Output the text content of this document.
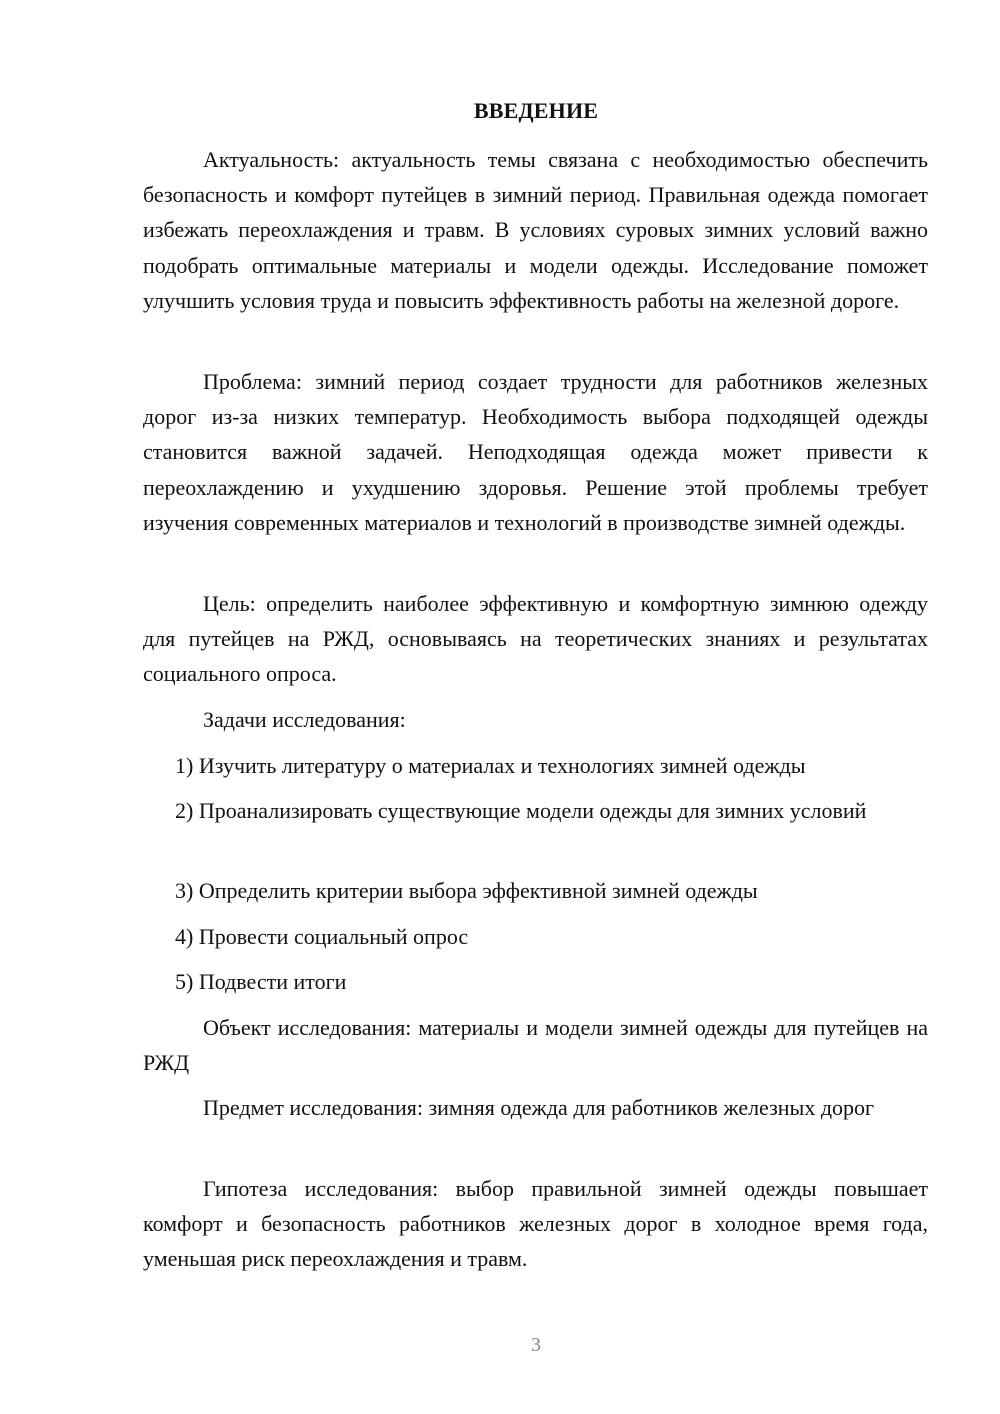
ВВЕДЕНИЕ

Актуальность: актуальность темы связана с необходимостью обеспечить безопасность и комфорт путейцев в зимний период. Правильная одежда помогает избежать переохлаждения и травм. В условиях суровых зимних условий важно подобрать оптимальные материалы и модели одежды. Исследование поможет улучшить условия труда и повысить эффективность работы на железной дороге.

Проблема: зимний период создает трудности для работников железных дорог из-за низких температур. Необходимость выбора подходящей одежды становится важной задачей. Неподходящая одежда может привести к переохлаждению и ухудшению здоровья. Решение этой проблемы требует изучения современных материалов и технологий в производстве зимней одежды.

Цель: определить наиболее эффективную и комфортную зимнюю одежду для путейцев на РЖД, основываясь на теоретических знаниях и результатах социального опроса.

Задачи исследования:

1) Изучить литературу о материалах и технологиях зимней одежды

2) Проанализировать существующие модели одежды для зимних условий

3) Определить критерии выбора эффективной зимней одежды

4) Провести социальный опрос

5) Подвести итоги

Объект исследования: материалы и модели зимней одежды для путейцев на РЖД

Предмет исследования: зимняя одежда для работников железных дорог

Гипотеза исследования: выбор правильной зимней одежды повышает комфорт и безопасность работников железных дорог в холодное время года, уменьшая риск переохлаждения и травм.

3
